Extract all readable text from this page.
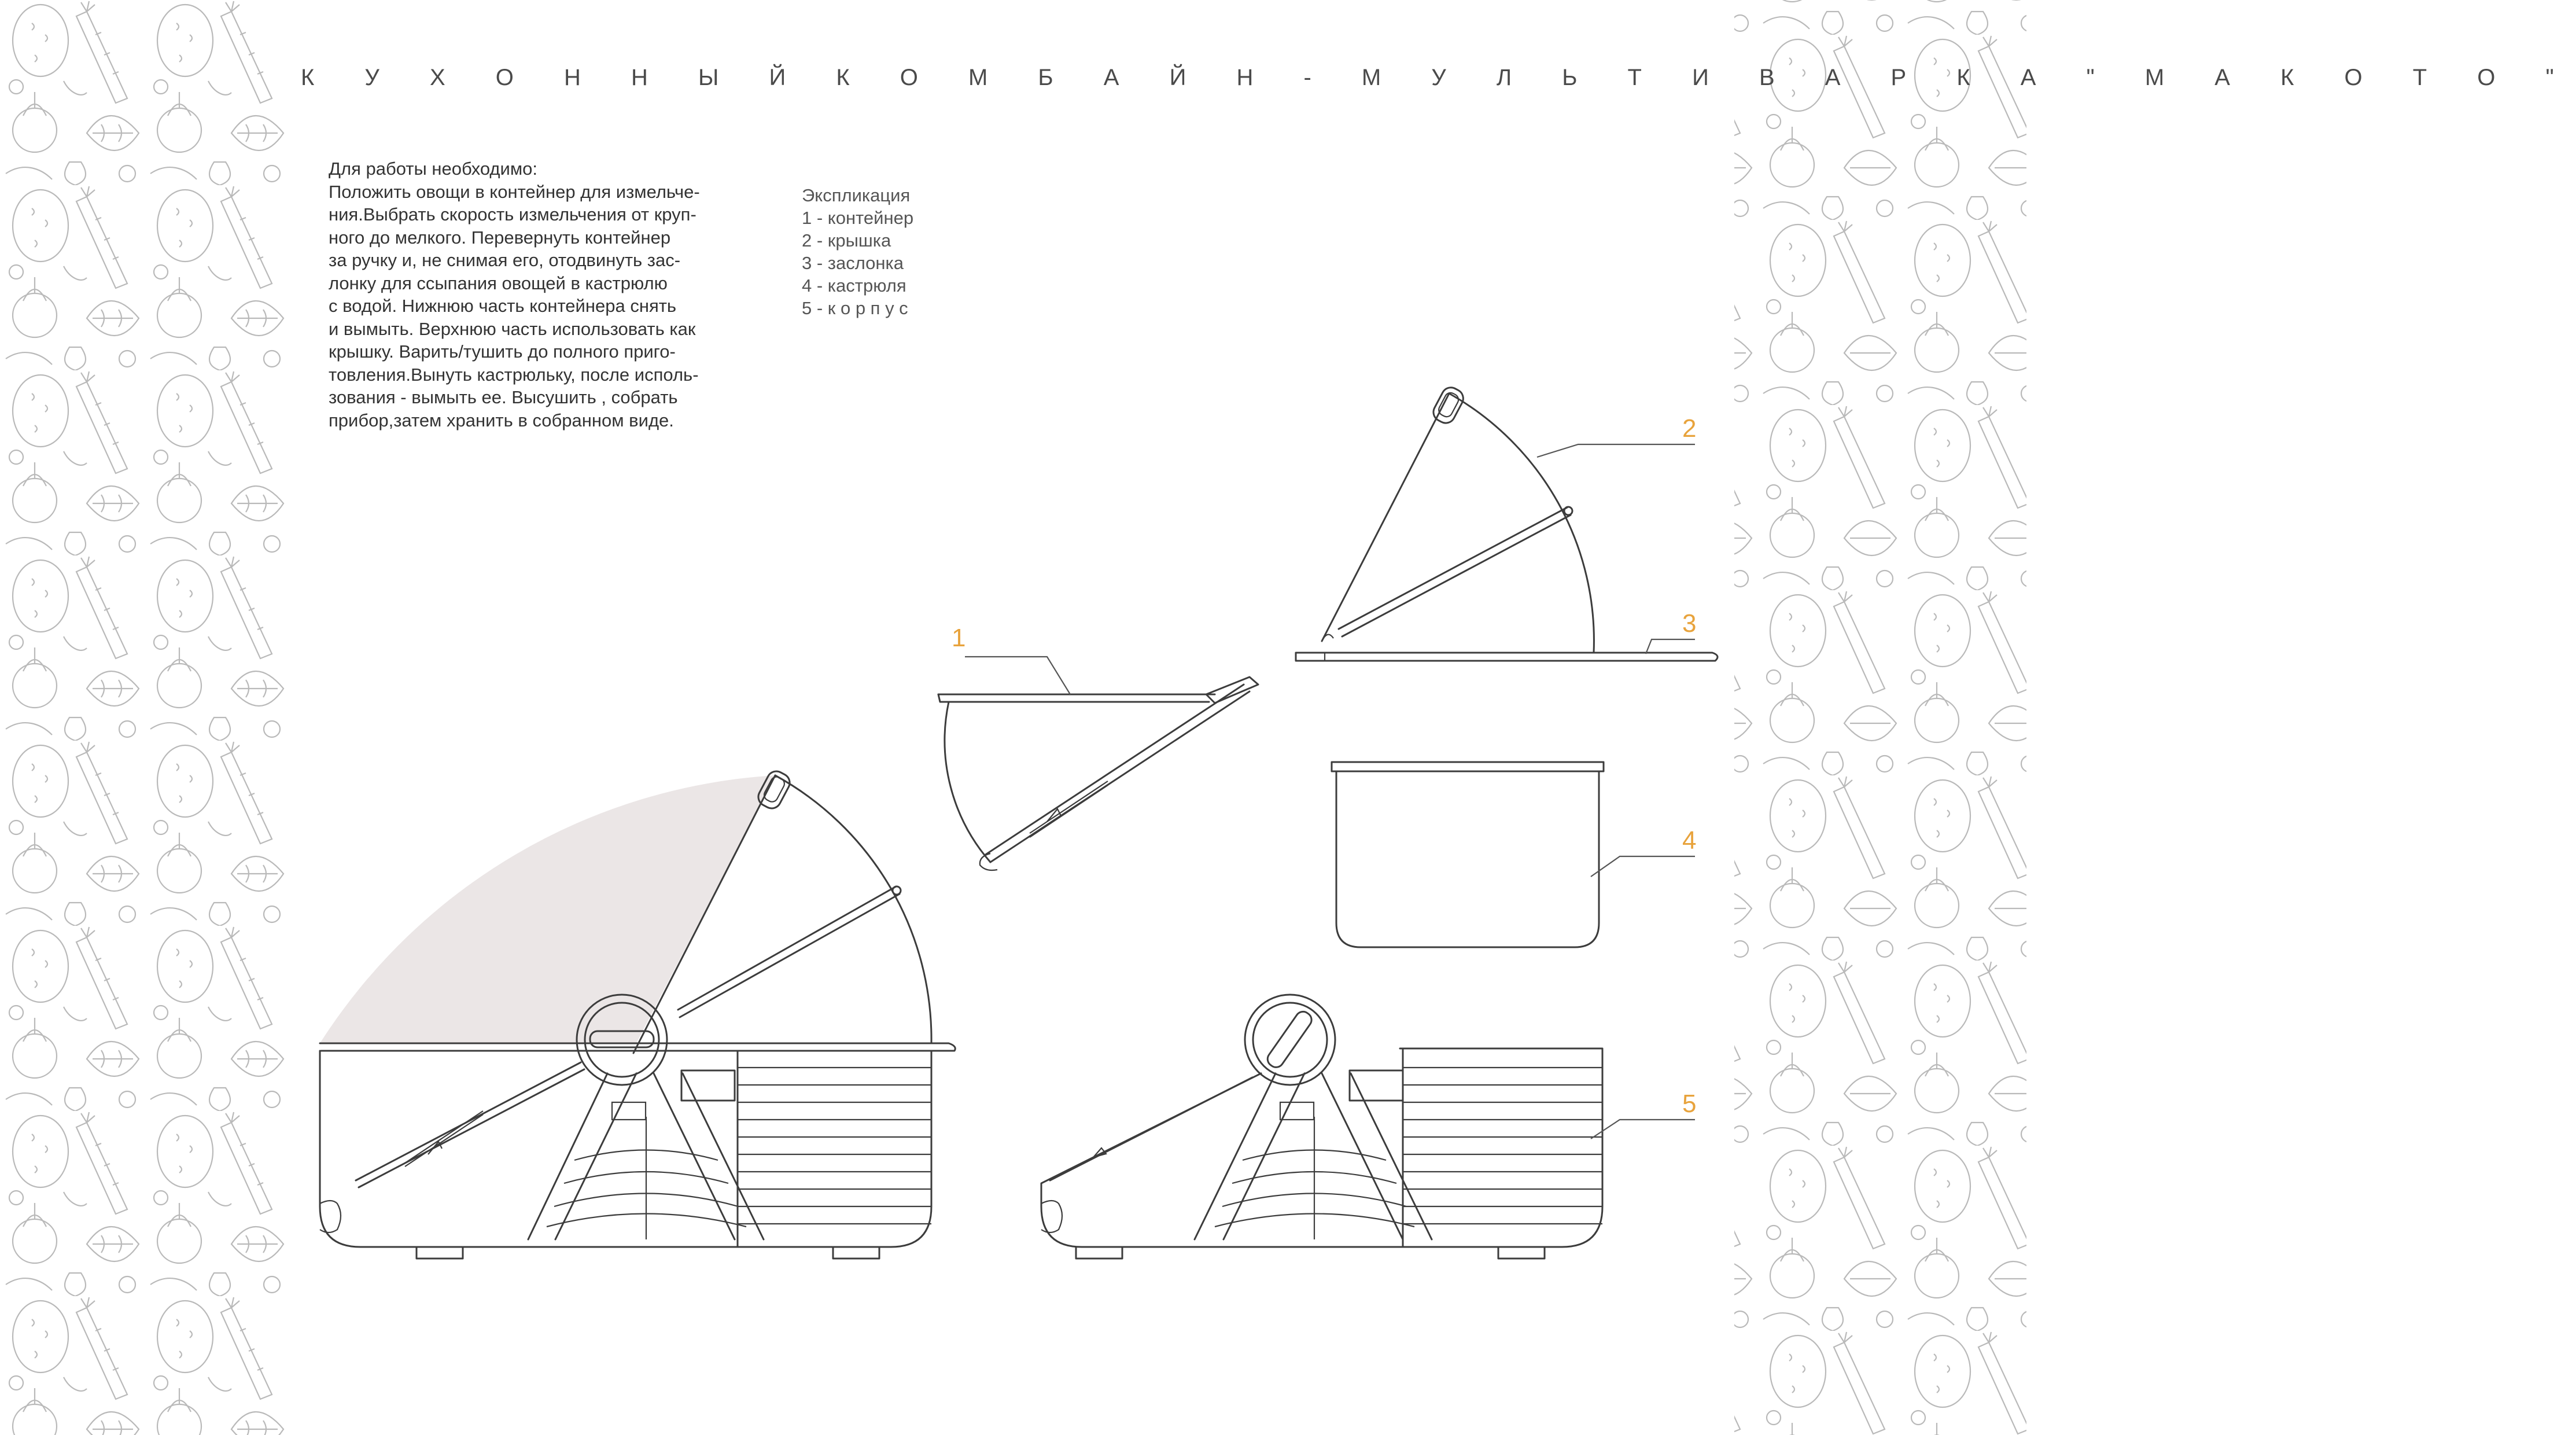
К У Х О Н Н Ы Й К О М Б А Й Н - М У Л Ь Т И В А Р К А " М А К О Т О "
Для работы необходимо:
Положить овощи в контейнер для измельче-
ния.Выбрать скорость измельчения от круп-
ного до мелкого. Перевернуть контейнер
за ручку и, не снимая его, отодвинуть зас-
лонку для ссыпания овощей в кастрюлю
с водой. Нижнюю часть контейнера снять
и вымыть. Верхнюю часть использовать как
крышку. Варить/тушить до полного приго-
товления.Вынуть кастрюльку, после исполь-
зования - вымыть ее. Высушить , собрать
прибор,затем хранить в собранном виде.
Экспликация
1 - контейнер
2 - крышка
3 - заслонка
4 - кастрюля
5 - к о р п у с
1
2
3
4
5
